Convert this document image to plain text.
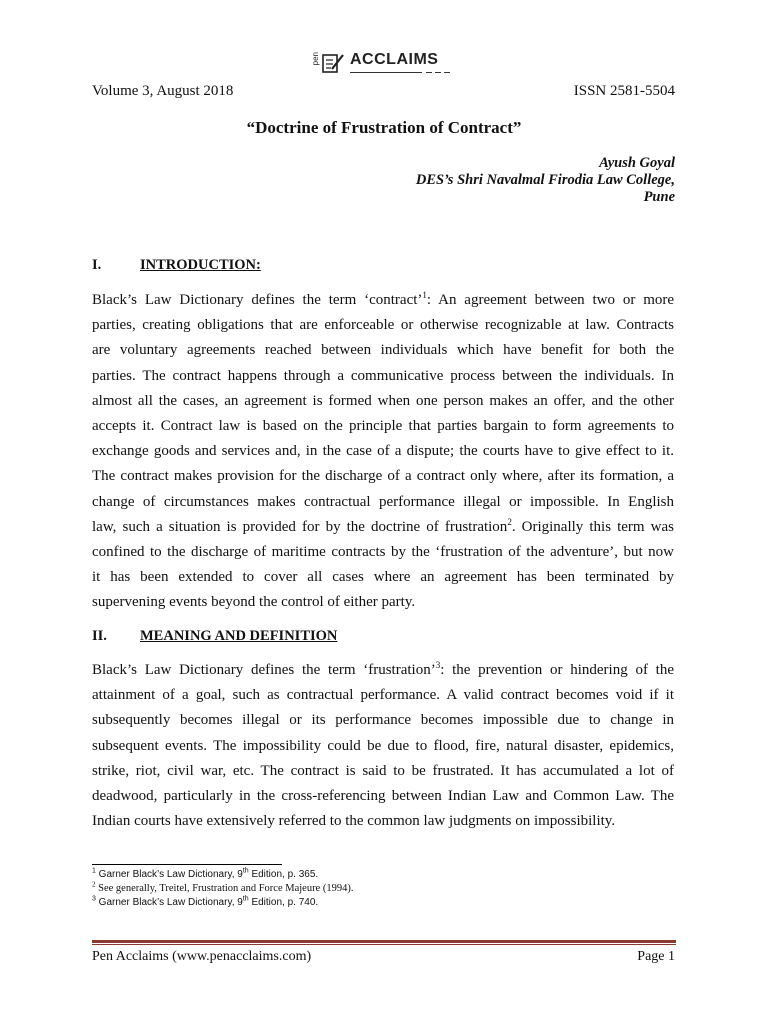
pen ACCLAIMS
Volume 3, August 2018	ISSN 2581-5504
“Doctrine of Frustration of Contract”
Ayush Goyal
DES’s Shri Navalmal Firodia Law College,
Pune
I.	INTRODUCTION:
Black’s Law Dictionary defines the term ‘contract’$^1$: An agreement between two or more
parties, creating obligations that are enforceable or otherwise recognizable at law. Contracts
are voluntary agreements reached between individuals which have benefit for both the
parties. The contract happens through a communicative process between the individuals. In
almost all the cases, an agreement is formed when one person makes an offer, and the other
accepts it. Contract law is based on the principle that parties bargain to form agreements to
exchange goods and services and, in the case of a dispute; the courts have to give effect to it.
The contract makes provision for the discharge of a contract only where, after its formation, a
change of circumstances makes contractual performance illegal or impossible. In English
law, such a situation is provided for by the doctrine of frustration$^2$. Originally this term was
confined to the discharge of maritime contracts by the ‘frustration of the adventure’, but now
it has been extended to cover all cases where an agreement has been terminated by
supervening events beyond the control of either party.
II. MEANING AND DEFINITION
Black’s Law Dictionary defines the term ‘frustration’$^3$: the prevention or hindering of the
attainment of a goal, such as contractual performance. A valid contract becomes void if it
subsequently becomes illegal or its performance becomes impossible due to change in
subsequent events. The impossibility could be due to flood, fire, natural disaster, epidemics,
strike, riot, civil war, etc. The contract is said to be frustrated. It has accumulated a lot of
deadwood, particularly in the cross-referencing between Indian Law and Common Law. The
Indian courts have extensively referred to the common law judgments on impossibility.
$^1$ Garner Black’s Law Dictionary, 9th Edition, p. 365.
$^2$ See generally, Treitel, Frustration and Force Majeure (1994).
$^3$ Garner Black’s Law Dictionary, 9th Edition, p. 740.
Pen Acclaims (www.penacclaims.com)	Page 1
